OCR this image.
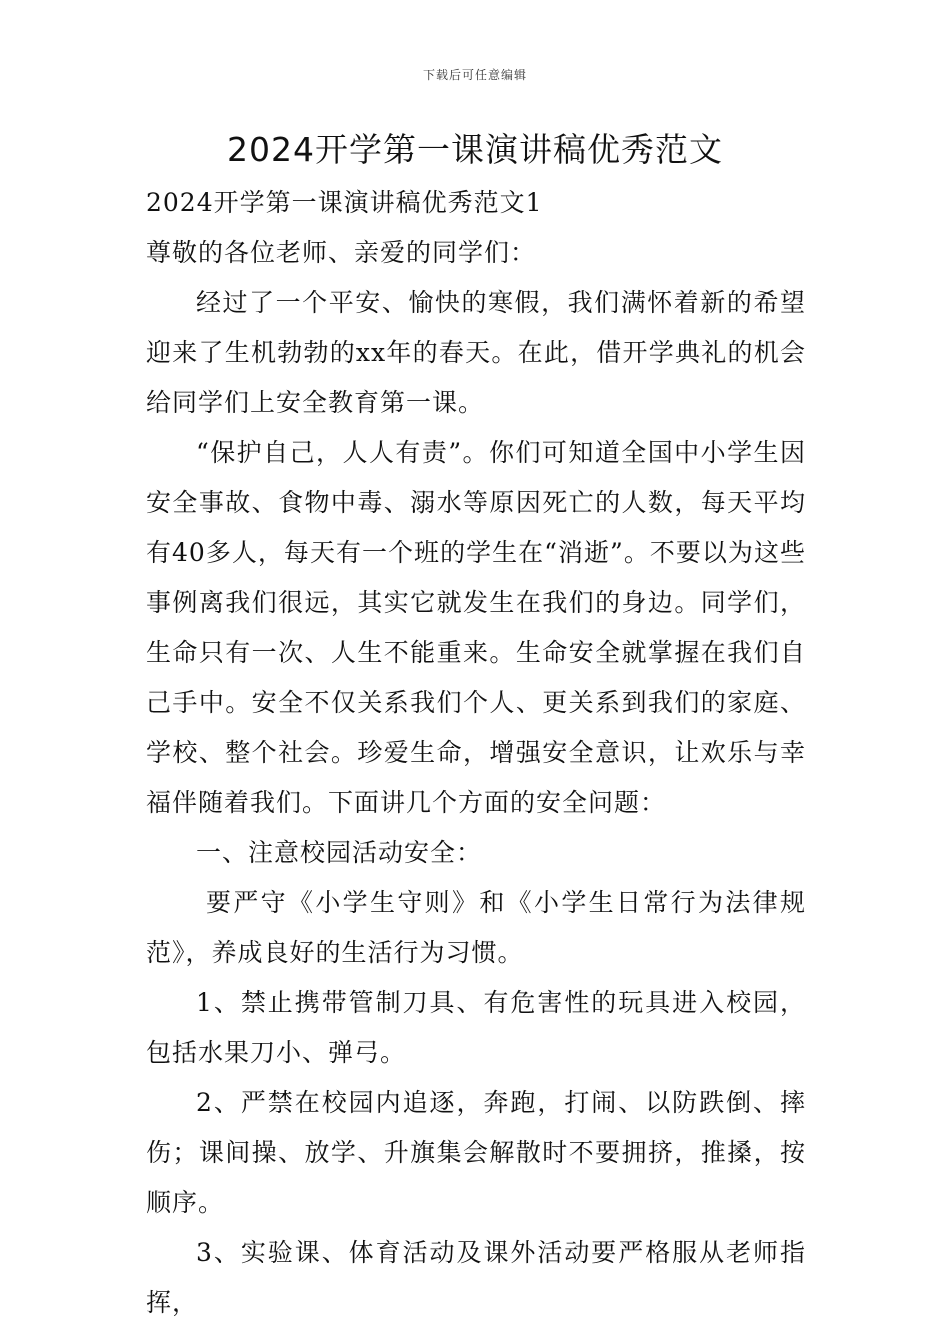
下载后可任意编辑
2024开学第一课演讲稿优秀范文

2024开学第一课演讲稿优秀范文1

尊敬的各位老师、亲爱的同学们：

经过了一个平安、愉快的寒假，我们满怀着新的希望迎来了生机勃勃的xx年的春天。在此，借开学典礼的机会给同学们上安全教育第一课。

“保护自己，人人有责”。你们可知道全国中小学生因安全事故、食物中毒、溺水等原因死亡的人数，每天平均有40多人，每天有一个班的学生在“消逝”。不要以为这些事例离我们很远，其实它就发生在我们的身边。同学们，生命只有一次、人生不能重来。生命安全就掌握在我们自己手中。安全不仅关系我们个人、更关系到我们的家庭、学校、整个社会。珍爱生命，增强安全意识，让欢乐与幸福伴随着我们。下面讲几个方面的安全问题：

一、注意校园活动安全：

要严守《小学生守则》和《小学生日常行为法律规范》，养成良好的生活行为习惯。

1、禁止携带管制刀具、有危害性的玩具进入校园，包括水果刀小、弹弓。

2、严禁在校园内追逐，奔跑，打闹、以防跌倒、摔伤；课间操、放学、升旗集会解散时不要拥挤，推搡，按顺序。

3、实验课、体育活动及课外活动要严格服从老师指挥，
